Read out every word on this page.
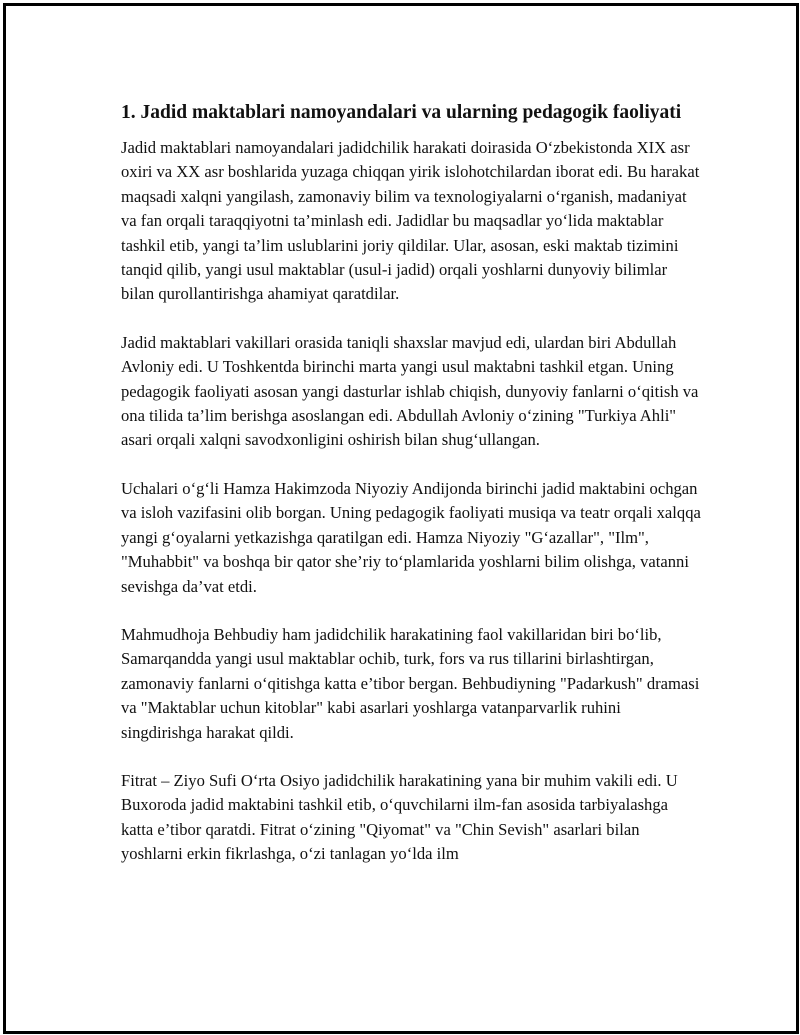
1. Jadid maktablari namoyandalari va ularning pedagogik faoliyati

Jadid maktablari namoyandalari jadidchilik harakati doirasida O‘zbekistonda XIX asr oxiri va XX asr boshlarida yuzaga chiqqan yirik islohotchilardan iborat edi. Bu harakat maqsadi xalqni yangilash, zamonaviy bilim va texnologiyalarni o‘rganish, madaniyat va fan orqali taraqqiyotni ta’minlash edi. Jadidlar bu maqsadlar yo‘lida maktablar tashkil etib, yangi ta’lim uslublarini joriy qildilar. Ular, asosan, eski maktab tizimini tanqid qilib, yangi usul maktablar (usul-i jadid) orqali yoshlarni dunyoviy bilimlar bilan qurollantirishga ahamiyat qaratdilar.

Jadid maktablari vakillari orasida taniqli shaxslar mavjud edi, ulardan biri Abdullah Avloniy edi. U Toshkentda birinchi marta yangi usul maktabni tashkil etgan. Uning pedagogik faoliyati asosan yangi dasturlar ishlab chiqish, dunyoviy fanlarni o‘qitish va ona tilida ta’lim berishga asoslangan edi. Abdullah Avloniy o‘zining "Turkiya Ahli" asari orqali xalqni savodxonligini oshirish bilan shug‘ullangan.

Uchalari o‘g‘li Hamza Hakimzoda Niyoziy Andijonda birinchi jadid maktabini ochgan va isloh vazifasini olib borgan. Uning pedagogik faoliyati musiqa va teatr orqali xalqqa yangi g‘oyalarni yetkazishga qaratilgan edi. Hamza Niyoziy "G‘azallar", "Ilm", "Muhabbit" va boshqa bir qator she’riy to‘plamlarida yoshlarni bilim olishga, vatanni sevishga da’vat etdi.

Mahmudhoja Behbudiy ham jadidchilik harakatining faol vakillaridan biri bo‘lib, Samarqandda yangi usul maktablar ochib, turk, fors va rus tillarini birlashtirgan, zamonaviy fanlarni o‘qitishga katta e’tibor bergan. Behbudiyning "Padarkush" dramasi va "Maktablar uchun kitoblar" kabi asarlari yoshlarga vatanparvarlik ruhini singdirishga harakat qildi.

Fitrat – Ziyo Sufi O‘rta Osiyo jadidchilik harakatining yana bir muhim vakili edi. U Buxoroda jadid maktabini tashkil etib, o‘quvchilarni ilm-fan asosida tarbiyalashga katta e’tibor qaratdi. Fitrat o‘zining "Qiyomat" va "Chin Sevish" asarlari bilan yoshlarni erkin fikrlashga, o‘zi tanlagan yo‘lda ilm
